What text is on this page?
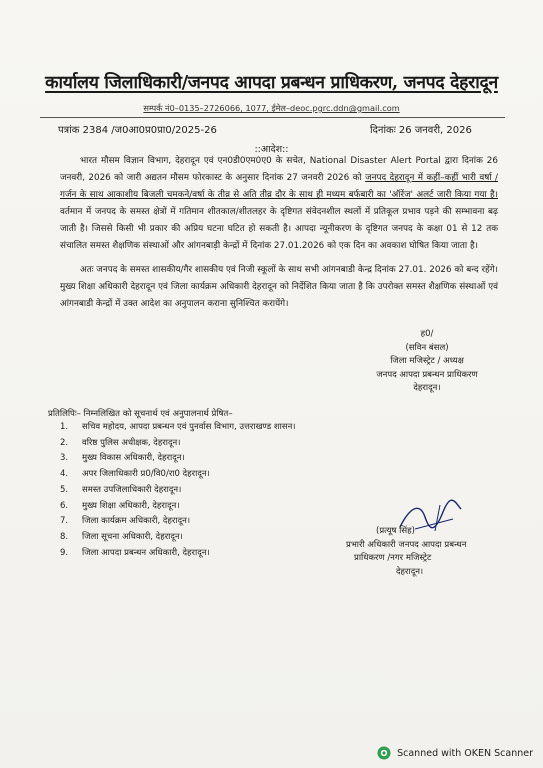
कार्यालय जिलाधिकारी/जनपद आपदा प्रबन्धन प्राधिकरण, जनपद देहरादून
सम्पर्क नं0–0135–2726066, 1077, ईमेल–deoc.pgrc.ddn@gmail.com
पत्रांक 2384 /ज0आ0प्र0प्रा0/2025-26	दिनांकः 26 जनवरी, 2026
::आदेश::
भारत मौसम विज्ञान विभाग, देहरादून एवं एन0डी0एम0ए0 के सचेत, National Disaster Alert Portal द्वारा दिनांक 26 जनवरी, 2026 को जारी अद्यतन मौसम फोरकास्ट के अनुसार दिनांक 27 जनवरी 2026 को जनपद देहरादून में कहीं–कहीं भारी वर्षा /गर्जन के साथ आकाशीय बिजली चमकने/वर्षा के तीव्र से अति तीव्र दौर के साथ ही मध्यम बर्फबारी का 'ऑरेंज' अलर्ट जारी किया गया है। वर्तमान में जनपद के समस्त क्षेत्रों में गतिमान शीतकाल/शीतलहर के दृष्टिगत संवेदनशील स्थलों में प्रतिकूल प्रभाव पड़ने की सम्भावना बढ़ जाती है। जिससे किसी भी प्रकार की अप्रिय घटना घटित हो सकती है। आपदा न्यूनीकरण के दृष्टिगत जनपद के कक्षा 01 से 12 तक संचालित समस्त शैक्षणिक संस्थाओं और आंगनबाड़ी केन्द्रों में दिनांक 27.01.2026 को एक दिन का अवकाश घोषित किया जाता है।
अतः जनपद के समस्त शासकीय/गैर शासकीय एवं निजी स्कूलों के साथ सभी आंगनबाडी केन्द्र दिनांक 27.01. 2026 को बन्द रहेंगे। मुख्य शिक्षा अधिकारी देहरादून एवं जिला कार्यक्रम अधिकारी देहरादून को निर्देशित किया जाता है कि उपरोक्त समस्त शैक्षणिक संस्थाओं एवं आंगनबाडी केन्द्रों में उक्त आदेश का अनुपालन कराना सुनिश्चित करायेंगे।
ह0/
(सविन बंसल)
जिला मजिस्ट्रेट / अध्यक्ष
जनपद आपदा प्रबन्धन प्राधिकरण
देहरादून।
प्रतिलिपिः– निम्नलिखित को सूचनार्थ एवं अनुपालनार्थ प्रेषित–
1. सचिव महोदय, आपदा प्रबन्धन एवं पुनर्वास विभाग, उत्तराखण्ड शासन।
2. वरिष्ठ पुलिस अधीक्षक, देहरादून।
3. मुख्य विकास अधिकारी, देहरादून।
4. अपर जिलाधिकारी प्र0/वि0/रा0 देहरादून।
5. समस्त उपजिलाधिकारी देहरादून।
6. मुख्य शिक्षा अधिकारी, देहरादून।
7. जिला कार्यक्रम अधिकारी, देहरादून।
8. जिला सूचना अधिकारी, देहरादून।
9. जिला आपदा प्रबन्धन अधिकारी, देहरादून।
(प्रत्यूष सिंह)
प्रभारी अधिकारी जनपद आपदा प्रबन्धन
प्राधिकरण /नगर मजिस्ट्रेट
देहरादून।
Scanned with OKEN Scanner
